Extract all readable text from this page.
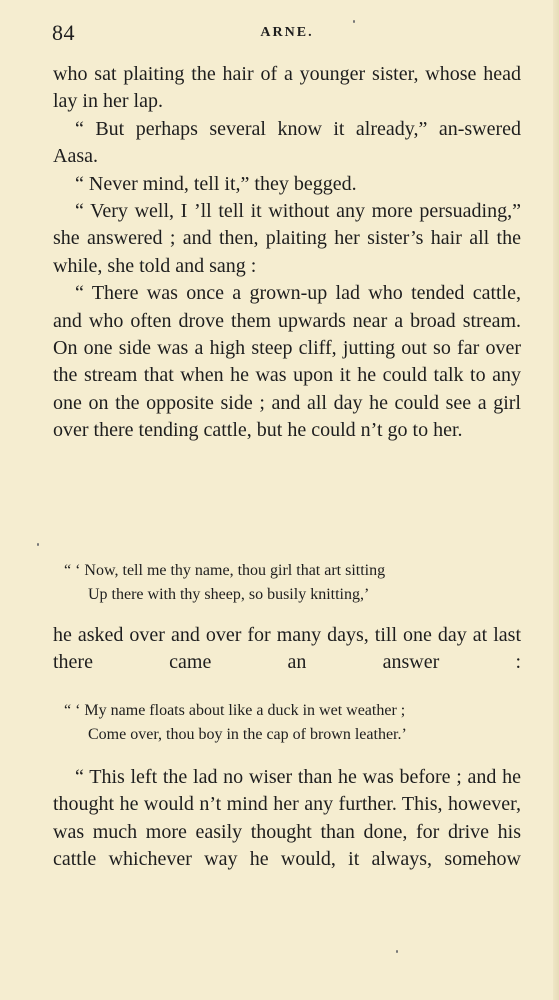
84	ARNE.

who sat plaiting the hair of a younger sister, whose head lay in her lap.

“ But perhaps several know it already,” an-swered Aasa.

“ Never mind, tell it,” they begged.

“ Very well, I ’ll tell it without any more persuading,” she answered ; and then, plaiting her sister’s hair all the while, she told and sang :

“ There was once a grown-up lad who tended cattle, and who often drove them upwards near a broad stream. On one side was a high steep cliff, jutting out so far over the stream that when he was upon it he could talk to any one on the opposite side ; and all day he could see a girl over there tending cattle, but he could n’t go to her.

“ ‘ Now, tell me thy name, thou girl that art sitting
Up there with thy sheep, so busily knitting,’

he asked over and over for many days, till one day at last there came an answer :

“ ‘ My name floats about like a duck in wet weather ;
Come over, thou boy in the cap of brown leather.’

“ This left the lad no wiser than he was before ; and he thought he would n’t mind her any further. This, however, was much more easily thought than done, for drive his cattle whichever way he would, it always, somehow
